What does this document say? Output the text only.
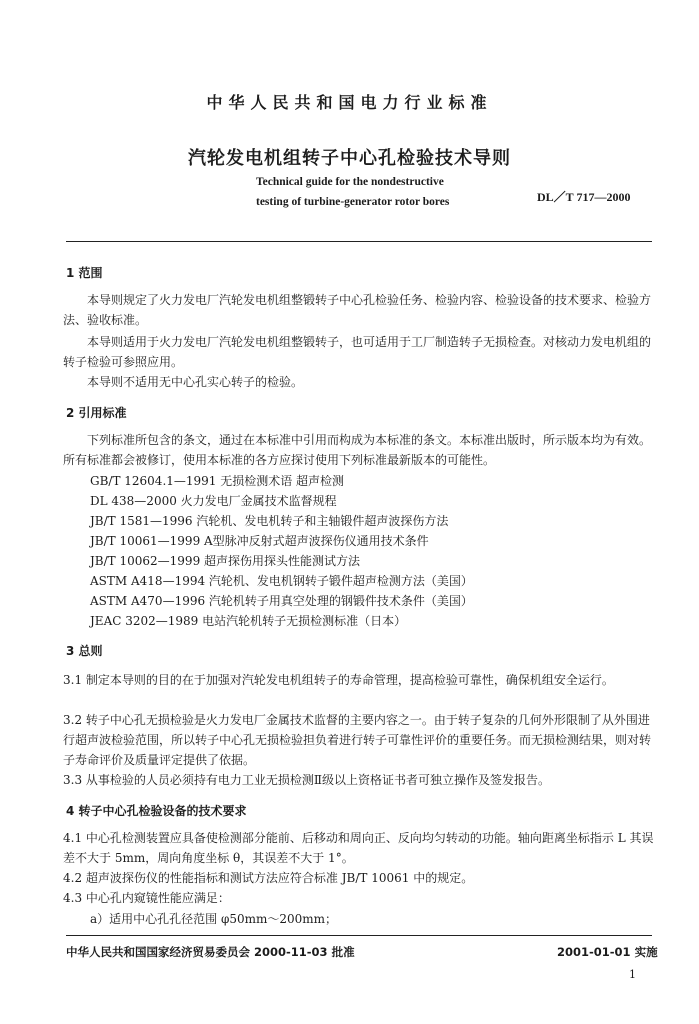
中华人民共和国电力行业标准
汽轮发电机组转子中心孔检验技术导则
Technical guide for the nondestructive
testing of turbine-generator rotor bores	DL／T 717—2000
1 范围
本导则规定了火力发电厂汽轮发电机组整锻转子中心孔检验任务、检验内容、检验设备的技术要求、检验方法、验收标准。
本导则适用于火力发电厂汽轮发电机组整锻转子，也可适用于工厂制造转子无损检查。对核动力发电机组的转子检验可参照应用。
本导则不适用无中心孔实心转子的检验。
2 引用标准
下列标准所包含的条文，通过在本标准中引用而构成为本标准的条文。本标准出版时，所示版本均为有效。所有标准都会被修订，使用本标准的各方应探讨使用下列标准最新版本的可能性。
GB/T 12604.1—1991 无损检测术语 超声检测
DL 438—2000 火力发电厂金属技术监督规程
JB/T 1581—1996 汽轮机、发电机转子和主轴锻件超声波探伤方法
JB/T 10061—1999 A型脉冲反射式超声波探伤仪通用技术条件
JB/T 10062—1999 超声探伤用探头性能测试方法
ASTM A418—1994 汽轮机、发电机钢转子锻件超声检测方法（美国）
ASTM A470—1996 汽轮机转子用真空处理的钢锻件技术条件（美国）
JEAC 3202—1989 电站汽轮机转子无损检测标准（日本）
3 总则
3.1 制定本导则的目的在于加强对汽轮发电机组转子的寿命管理，提高检验可靠性，确保机组安全运行。
3.2 转子中心孔无损检验是火力发电厂金属技术监督的主要内容之一。由于转子复杂的几何外形限制了从外围进行超声波检验范围，所以转子中心孔无损检验担负着进行转子可靠性评价的重要任务。而无损检测结果，则对转子寿命评价及质量评定提供了依据。
3.3 从事检验的人员必须持有电力工业无损检测Ⅱ级以上资格证书者可独立操作及签发报告。
4 转子中心孔检验设备的技术要求
4.1 中心孔检测装置应具备使检测部分能前、后移动和周向正、反向均匀转动的功能。轴向距离坐标指示 L 其误差不大于 5mm，周向角度坐标 θ，其误差不大于 1°。
4.2 超声波探伤仪的性能指标和测试方法应符合标准 JB/T 10061 中的规定。
4.3 中心孔内窥镜性能应满足：
a）适用中心孔孔径范围 φ50mm～200mm；
中华人民共和国国家经济贸易委员会 2000-11-03 批准	2001-01-01 实施
1
